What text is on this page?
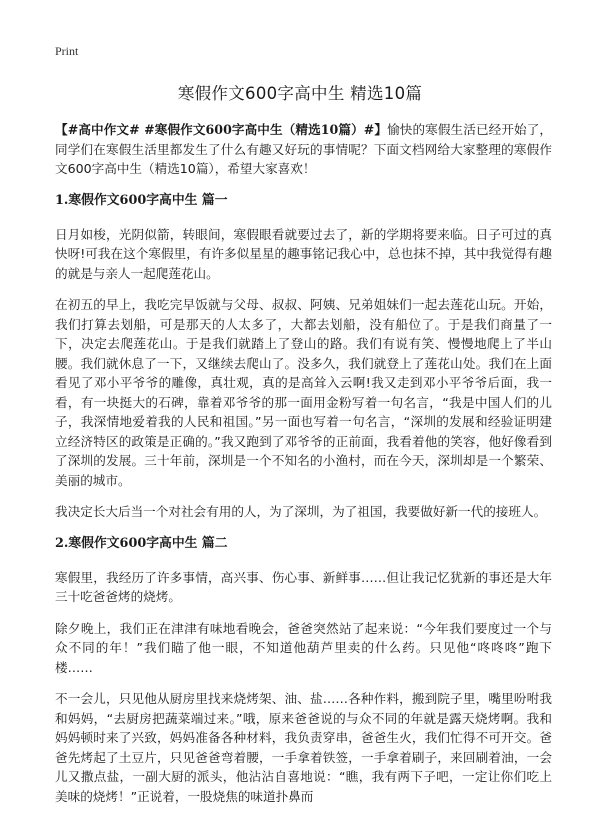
Print
寒假作文600字高中生 精选10篇

【#高中作文# #寒假作文600字高中生（精选10篇）#】愉快的寒假生活已经开始了，同学们在寒假生活里都发生了什么有趣又好玩的事情呢？下面文档网给大家整理的寒假作文600字高中生（精选10篇），希望大家喜欢！

1.寒假作文600字高中生 篇一

日月如梭，光阴似箭，转眼间，寒假眼看就要过去了，新的学期将要来临。日子可过的真快呀!可我在这个寒假里，有许多似星星的趣事铭记我心中，总也抹不掉，其中我觉得有趣的就是与亲人一起爬莲花山。

在初五的早上，我吃完早饭就与父母、叔叔、阿姨、兄弟姐妹们一起去莲花山玩。开始，我们打算去划船，可是那天的人太多了，大都去划船，没有船位了。于是我们商量了一下，决定去爬莲花山。于是我们就踏上了登山的路。我们有说有笑、慢慢地爬上了半山腰。我们就休息了一下，又继续去爬山了。没多久，我们就登上了莲花山处。我们在上面看见了邓小平爷爷的雕像，真壮观，真的是高耸入云啊!我又走到邓小平爷爷后面，我一看，有一块挺大的石碑，靠着邓爷爷的那一面用金粉写着一句名言，“我是中国人们的儿子，我深情地爱着我的人民和祖国。”另一面也写着一句名言，“深圳的发展和经验证明建立经济特区的政策是正确的。”我又跑到了邓爷爷的正前面，我看着他的笑容，他好像看到了深圳的发展。三十年前，深圳是一个不知名的小渔村，而在今天，深圳却是一个繁荣、美丽的城市。

我决定长大后当一个对社会有用的人，为了深圳，为了祖国，我要做好新一代的接班人。

2.寒假作文600字高中生 篇二

寒假里，我经历了许多事情，高兴事、伤心事、新鲜事……但让我记忆犹新的事还是大年三十吃爸爸烤的烧烤。

除夕晚上，我们正在津津有味地看晚会，爸爸突然站了起来说：“今年我们要度过一个与众不同的年！”我们瞄了他一眼，不知道他葫芦里卖的什么药。只见他“咚咚咚”跑下楼……

不一会儿，只见他从厨房里找来烧烤架、油、盐……各种作料，搬到院子里，嘴里吩咐我和妈妈，“去厨房把蔬菜端过来。”哦，原来爸爸说的与众不同的年就是露天烧烤啊。我和妈妈顿时来了兴致，妈妈准备各种材料，我负责穿串，爸爸生火，我们忙得不可开交。爸爸先烤起了土豆片，只见爸爸弯着腰，一手拿着铁签，一手拿着刷子，来回刷着油，一会儿又撒点盐，一副大厨的派头，他沾沾自喜地说：“瞧，我有两下子吧，一定让你们吃上美味的烧烤！”正说着，一股烧焦的味道扑鼻而
